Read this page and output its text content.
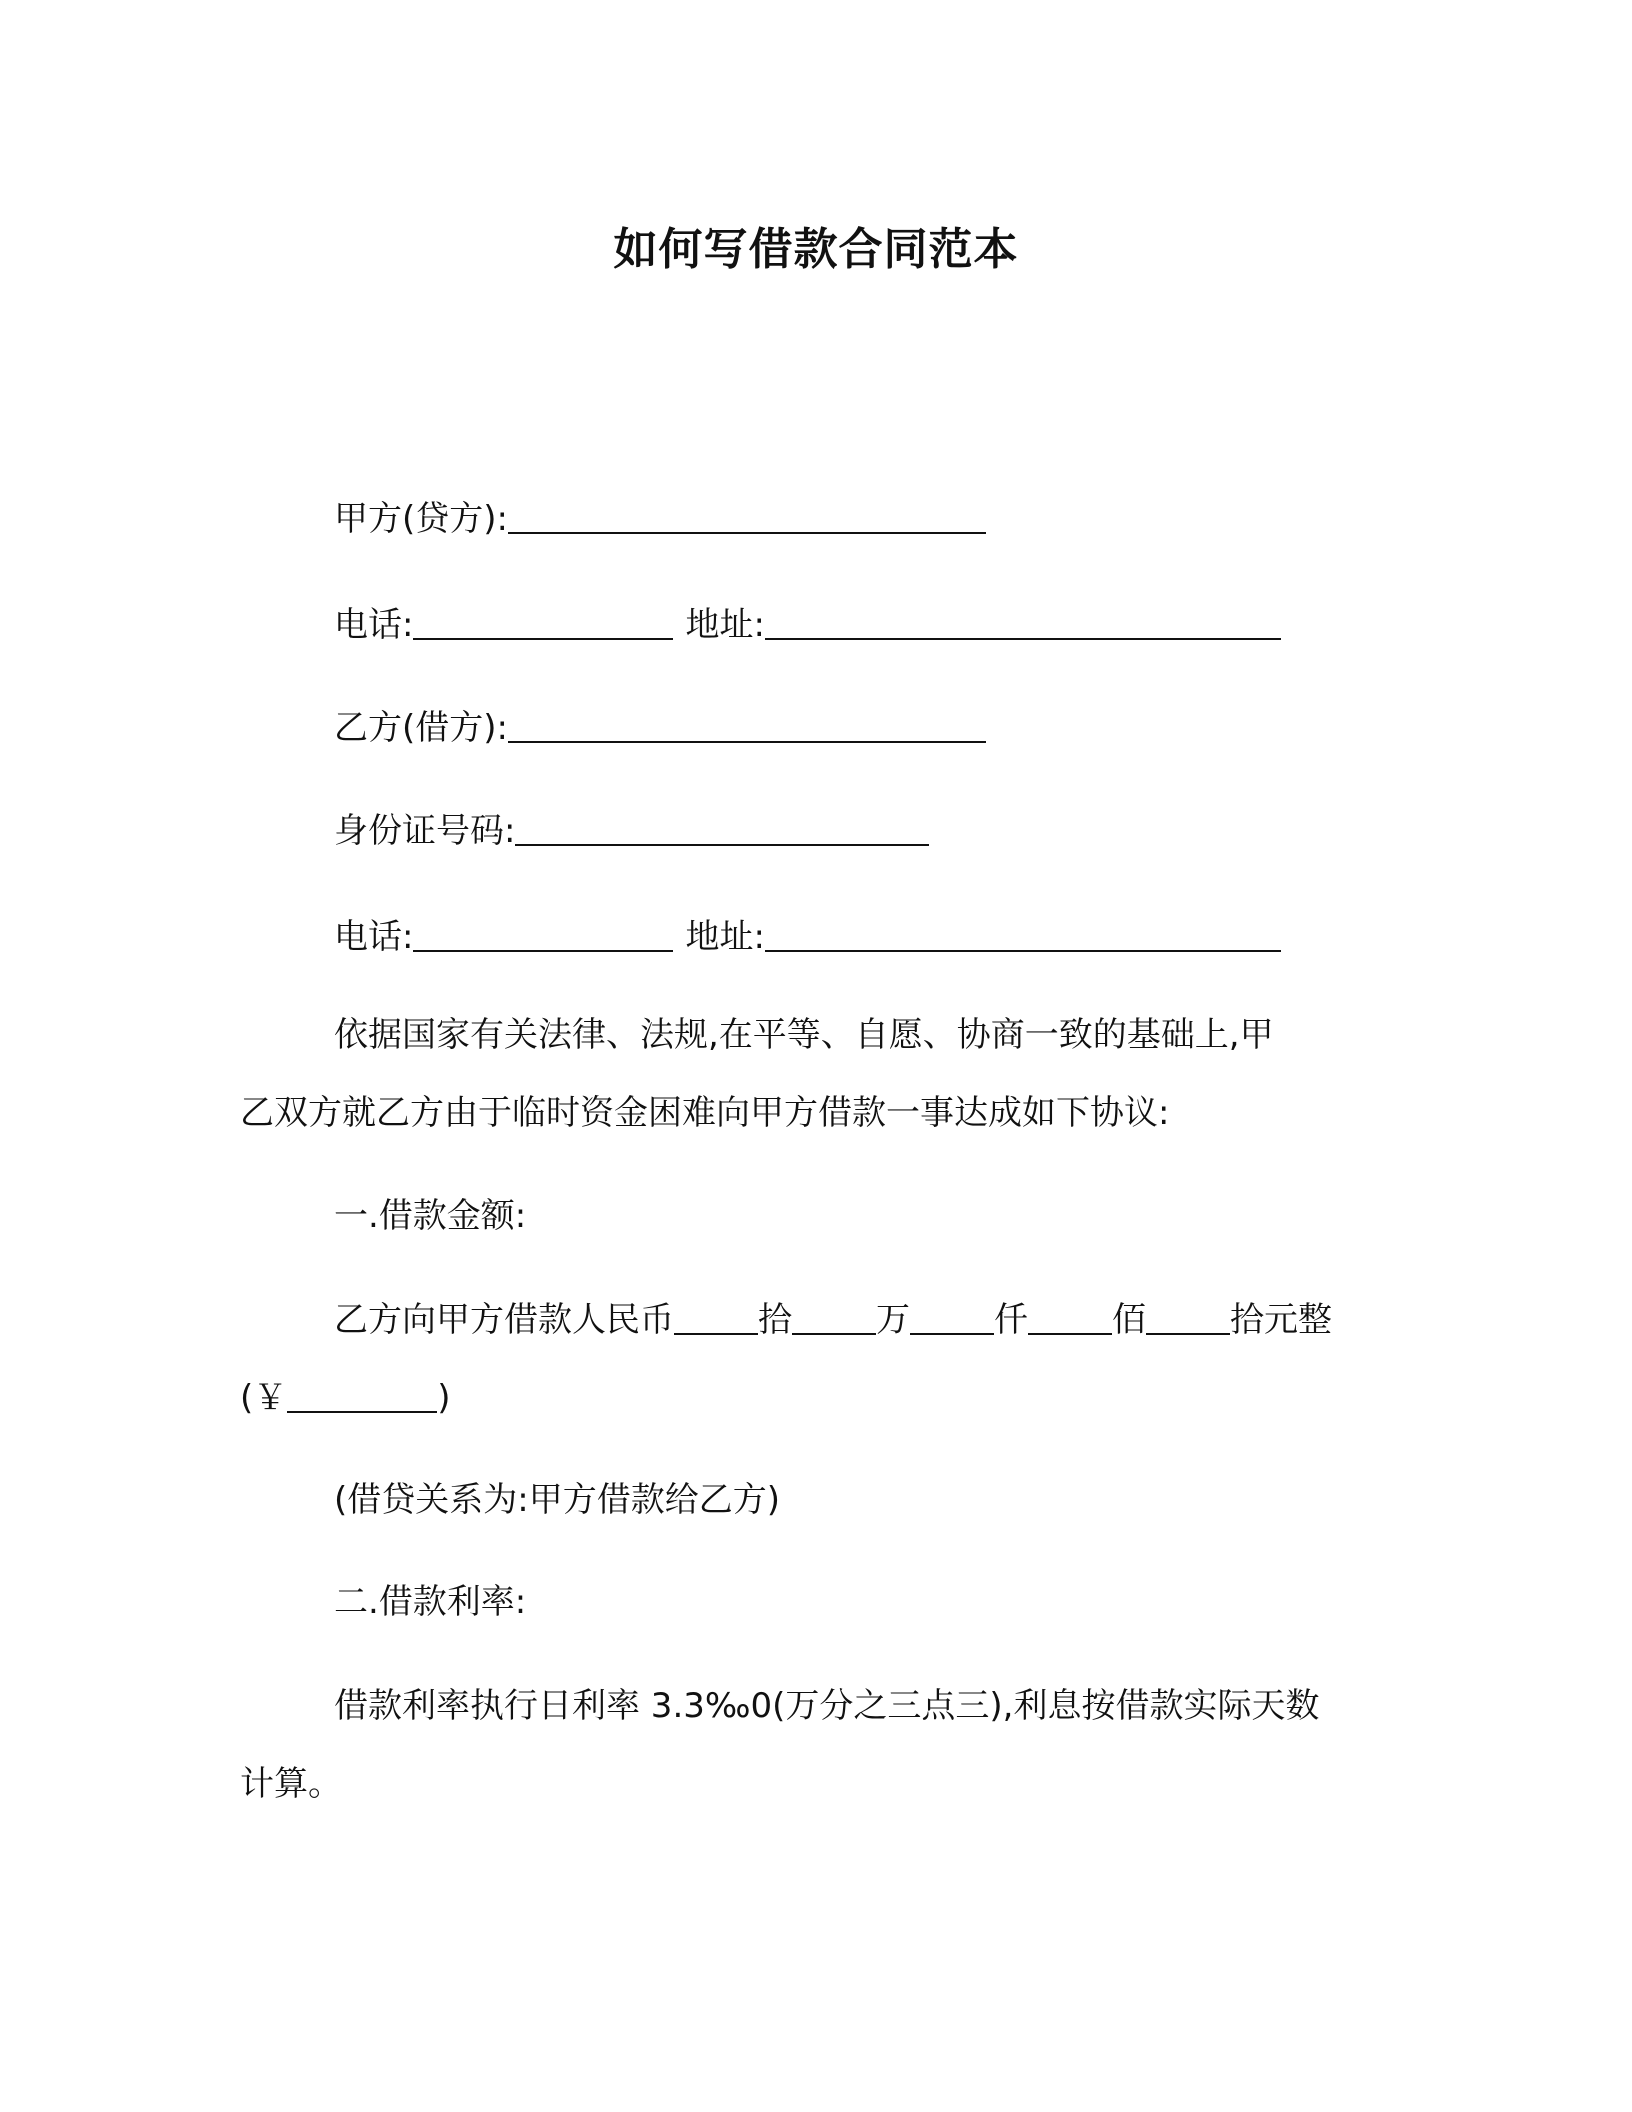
如何写借款合同范本
甲方(贷方):
电话:	地址:
乙方(借方):
身份证号码:
电话:	地址:
依据国家有关法律、法规,在平等、自愿、协商一致的基础上,甲
乙双方就乙方由于临时资金困难向甲方借款一事达成如下协议:
一.借款金额:
乙方向甲方借款人民币 拾 万 仟 佰 拾元整
(￥	)
(借贷关系为:甲方借款给乙方)
二.借款利率:
借款利率执行日利率 3.3‰0(万分之三点三),利息按借款实际天数
计算。
